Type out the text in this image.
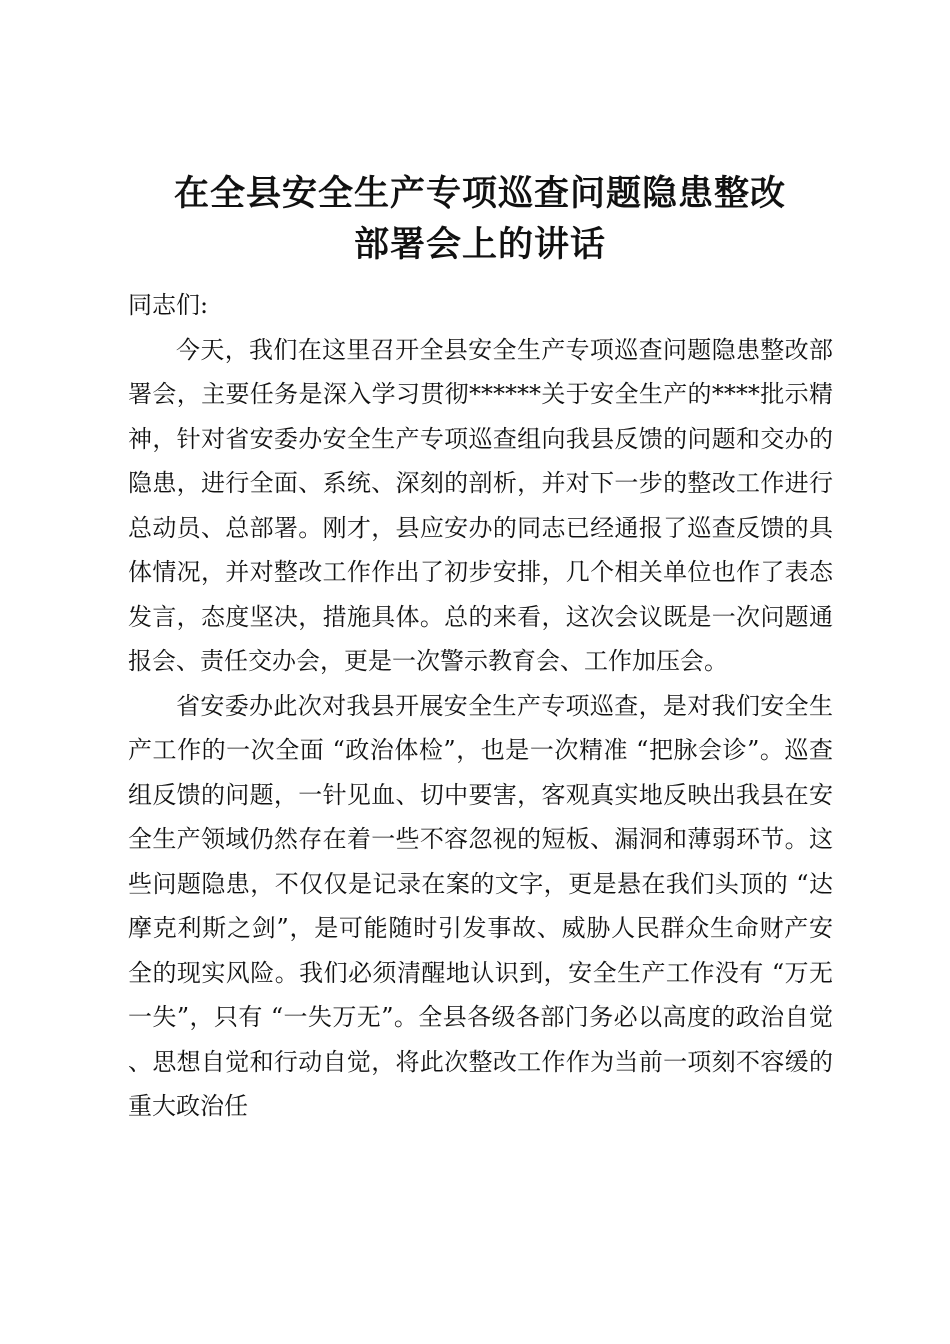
在全县安全生产专项巡查问题隐患整改
部署会上的讲话

同志们:

今天，我们在这里召开全县安全生产专项巡查问题隐患整改部署会，主要任务是深入学习贯彻******关于安全生产的****批示精神，针对省安委办安全生产专项巡查组向我县反馈的问题和交办的隐患，进行全面、系统、深刻的剖析，并对下一步的整改工作进行总动员、总部署。刚才，县应安办的同志已经通报了巡查反馈的具体情况，并对整改工作作出了初步安排，几个相关单位也作了表态发言，态度坚决，措施具体。总的来看，这次会议既是一次问题通报会、责任交办会，更是一次警示教育会、工作加压会。

省安委办此次对我县开展安全生产专项巡查，是对我们安全生产工作的一次全面 “政治体检”，也是一次精准 “把脉会诊”。巡查组反馈的问题，一针见血、切中要害，客观真实地反映出我县在安全生产领域仍然存在着一些不容忽视的短板、漏洞和薄弱环节。这些问题隐患，不仅仅是记录在案的文字，更是悬在我们头顶的 “达摩克利斯之剑”，是可能随时引发事故、威胁人民群众生命财产安全的现实风险。我们必须清醒地认识到，安全生产工作没有 “万无一失”，只有 “一失万无”。全县各级各部门务必以高度的政治自觉、思想自觉和行动自觉，将此次整改工作作为当前一项刻不容缓的重大政治任
